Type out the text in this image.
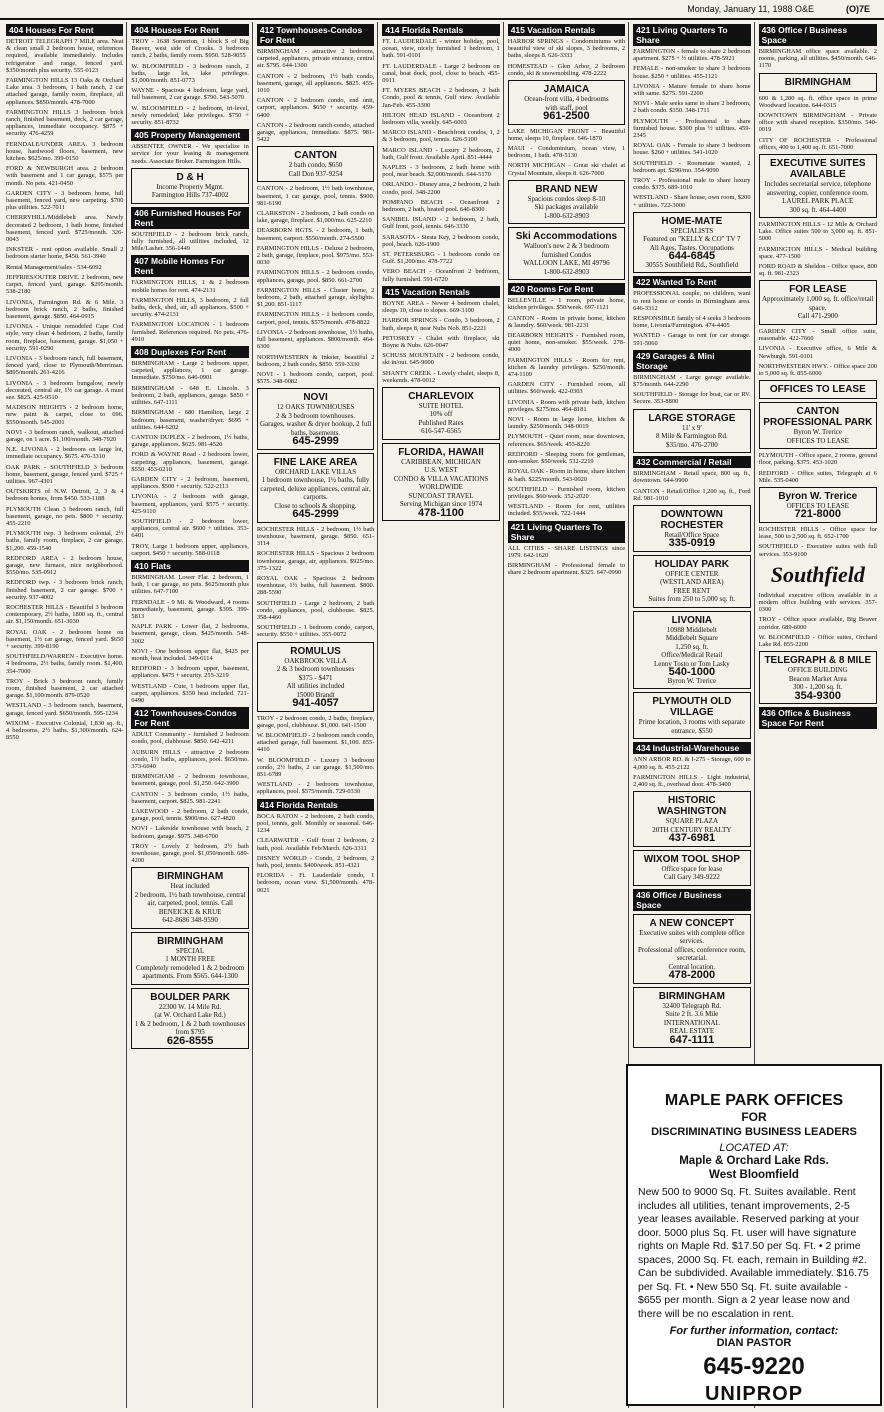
Monday, January 11, 1988 O&E	(O)7E
404 Houses For Rent
DETROIT TELEGRAPH 7 MILE area. Neat & clean small 2 bedroom house, references required, available immediately. Includes refrigerator and range, fenced yard. $350/month plus security. 555-0123
FARMINGTON HILLS 13 Oaks & Orchard Lake area. 3 bedroom, 1 bath ranch, 2 car attached garage, family room, fireplace, all appliances. $850/month. 478-7000
FARMINGTON HILLS 3 bedroom brick ranch, finished basement, deck, 2 car garage, appliances, immediate occupancy. $875 + security. 476-4259
FERNDALE/UNDER AREA. 3 bedroom house, hardwood floors, basement, new kitchen. $625/mo. 399-0150
FORD & NEWBURGH area. 2 bedroom with basement and 1 car garage, $575 per month. No pets. 421-0450
GARDEN CITY - 3 bedroom home, full basement, fenced yard, new carpeting. $700 plus utilities. 522-7011
CHERRYHILL/Middlebelt area. Newly decorated 2 bedroom, 1 bath home, finished basement, fenced yard. $725/month. 326-0043
INKSTER - rent option available. Small 2 bedroom starter home, $450. 561-3940
Rental Management/sales - 534-6092
JEFFRIES/OUTER DRIVE. 2 bedroom, new carpet, fenced yard, garage. $295/month. 538-2180
LIVONIA, Farmington Rd. & 6 Mile. 3 bedroom brick ranch, 2 baths, finished basement, garage. $850. 464-0915
LIVONIA - Unique remodeled Cape Cod style, very clean 4 bedroom, 2 baths, family room, fireplace, basement, garage. $1,050 + security. 591-0290
LIVONIA - 3 bedroom ranch, full basement, fenced yard, close to Plymouth/Merriman. $895/month. 261-4216
LIVONIA - 3 bedroom bungalow, newly decorated, central air, 1½ car garage. A must see. $825. 425-9510
MADISON HEIGHTS - 2 bedroom home, new paint & carpet, close to 696. $550/month. 545-2001
NOVI - 3 bedroom ranch, walkout, attached garage, on 1 acre. $1,100/month. 348-7920
N.E. LIVONIA - 2 bedroom on large lot, immediate occupancy. $675. 476-3310
OAK PARK - SOUTHFIELD 3 bedroom home, basement, garage, fenced yard. $725 + utilities. 967-4301
OUTSKIRTS of N.W. Detroit, 2, 3 & 4 bedroom homes, from $450. 533-1188
PLYMOUTH Clean 3 bedroom ranch, full basement, garage, no pets. $800 + security. 455-2210
PLYMOUTH twp. 3 bedroom colonial, 2½ baths, family room, fireplace, 2 car garage. $1,200. 459-1540
REDFORD AREA - 2 bedroom house, garage, new furnace, nice neighborhood. $550/mo. 535-0912
REDFORD twp. - 3 bedroom brick ranch, finished basement, 2 car garage. $700 + security. 937-4002
ROCHESTER HILLS - Beautiful 3 bedroom contemporary, 2½ baths, 1800 sq. ft., central air. $1,150/month. 651-3030
ROYAL OAK - 2 bedroom home on basement, 1½ car garage, fenced yard. $650 + security. 399-8190
SOUTHFIELD/WARREN - Executive home. 4 bedrooms, 2½ baths, family room. $1,400. 354-7000
TROY - Brick 3 bedroom ranch, family room, finished basement, 2 car attached garage. $1,100/month. 879-0520
WESTLAND - 3 bedroom ranch, basement, garage, fenced yard. $650/month. 595-1234
WIXOM - Executive Colonial, 1,830 sq. ft., 4 bedrooms, 2½ baths. $1,300/month. 624-8550
404 Houses For Rent
TROY - 1638 Somerton, 1 block S of Big Beaver, west side of Crooks. 3 bedroom ranch, 2 baths, family room. $950. 528-9055
W. BLOOMFIELD - 3 bedroom ranch, 2 baths, large lot, lake privileges. $1,000/month. 851-0773
WAYNE - Spacious 4 bedroom, large yard, full basement, 2 car garage. $790. 543-5070
W. BLOOMFIELD - 2 bedroom, tri-level, newly remodeled, lake privileges. $750 + security. 851-8732
405 Property Management
ABSENTEE OWNER - We specialize in service for your leasing & management needs. Associate Broker. Farmington Hills.
D & H
Income Property Mgmt.
Farmington Hills 737-4002
406 Furnished Houses For Rent
SOUTHFIELD - 2 bedroom brick ranch, fully furnished, all utilities included, 12 Mile/Lasher. 356-1449
407 Mobile Homes For Rent
FARMINGTON HILLS, 1 & 2 bedroom mobile homes for rent. 474-2131
FARMINGTON HILLS, 3 bedroom, 2 full baths, deck, shed, air, all appliances. $500 + security. 474-2131
FARMINGTON LOCATION - 1 bedroom furnished. References required. No pets. 476-4910
408 Duplexes For Rent
BIRMINGHAM - Large 2 bedroom upper, carpeted, appliances, 1 car garage. Immediate. $750/mo. 646-0901
BIRMINGHAM - 648 E. Lincoln. 3 bedroom, 2 bath, appliances, garage. $850 + utilities. 647-1111
BIRMINGHAM - 680 Hamilton, large 2 bedroom, basement, washer/dryer. $695 + utilities. 644-6202
CANTON DUPLEX - 2 bedroom, 1½ baths, garage, appliances. $625. 981-4520
FORD & WAYNE Road - 2 bedroom lower, carpeting, appliances, basement, garage. $550. 453-0210
GARDEN CITY - 2 bedroom, basement, appliances. $500 + security. 522-2113
LIVONIA - 2 bedroom with garage, basement, appliances, yard. $575 + security. 425-9110
SOUTHFIELD - 2 bedroom lower, appliances, central air. $600 + utilities. 353-6401
TROY, Large 1 bedroom upper, appliances, carport. $450 + security. 588-0118
410 Flats
BIRMINGHAM. Lower Flat. 2 bedroom, 1 bath, 1 car garage, no pets. $625/month plus utilities. 647-7100
FERNDALE - 9 Mi. & Woodward, 4 rooms immediately, basement, garage. $395. 399-5813
NAPLE PARK - Lower flat, 2 bedrooms, basement, garage, clean. $425/month. 548-3002
NOVI - One bedroom upper flat, $425 per month, heat included. 349-6114
REDFORD - 3 bedroom upper, basement, appliances. $475 + security. 255-3219
WESTLAND - Cute, 1 bedroom upper flat, carpet, appliances. $350 heat included. 721-0490
412 Townhouses-Condos For Rent
ADULT Community - furnished 2 bedroom condo, pool, clubhouse. $850. 642-4211
AUBURN HILLS - attractive 2 bedroom condo, 1½ baths, appliances, pool. $650/mo. 373-6040
BIRMINGHAM - 2 bedroom townhouse, basement, garage, pool. $1,250. 642-3900
CANTON - 3 bedroom condo, 1½ baths, basement, carport. $825. 981-2241
LAKEWOOD - 2 bedroom, 2 bath condo, garage, pool, tennis. $900/mo. 627-4820
NOVI - Lakeside townhouse with beach, 2 bedroom, garage. $975. 348-6700
TROY - Lovely 2 bedroom, 2½ bath townhouse, garage, pool. $1,050/month. 689-4200
BIRMINGHAM
Heat included
2 bedroom, 1½ bath townhouse, central air, carpeted, pool, tennis. Call
BENEICKE & KRUE
642-8686 348-9590
BIRMINGHAM
SPECIAL
1 MONTH FREE
Completely remodeled 1 & 2 bedroom apartments. From $565. 644-1300
BOULDER PARK
22300 W. 14 Mile Rd.
(at W. Orchard Lake Rd.)
1 & 2 bedroom, 1 & 2 bath townhouses from $795
626-8555
412 Townhouses-Condos For Rent
BIRMINGHAM - attractive 2 bedroom, carpeted, appliances, private entrance, central air. $795. 644-1300
CANTON - 2 bedroom, 1½ bath condo, basement, garage, all appliances. $825. 455-1010
CANTON - 2 bedroom condo, end unit, carport, appliances. $650 + security. 459-6400
CANTON - 2 bedroom ranch condo, attached garage, appliances, immediate. $875. 981-5422
CANTON
2 bath condo, $650
Call Don 937-9254
CANTON - 2 bedroom, 1½ bath townhouse, basement, 1 car garage, pool, tennis. $900. 981-6190
CLARKSTON - 2 bedroom, 2 bath condo on lake, garage, fireplace. $1,000/mo. 625-2210
DEARBORN HGTS. - 2 bedroom, 1 bath, basement, carport. $550/month. 274-5500
FARMINGTON HILLS - Deluxe 2 bedroom, 2 bath, garage, fireplace, pool. $975/mo. 553-0030
FARMINGTON HILLS - 2 bedroom condo, appliances, garage, pool. $850. 661-2700
FARMINGTON HILLS - Cluster home, 2 bedroom, 2 bath, attached garage, skylights. $1,200. 851-1117
FARMINGTON HILLS - 1 bedroom condo, carport, pool, tennis. $575/month. 478-8822
LIVONIA - 2 bedroom townhouse, 1½ baths, full basement, appliances. $800/month. 464-6300
NORTHWESTERN & Inkster, beautiful 2 bedroom, 2 bath condo. $850. 559-3330
NOVI - 1 bedroom condo, carport, pool. $575. 348-0082
NOVI
12 OAKS TOWNHOUSES
2 & 3 bedroom townhouses.
Garages, washer & dryer hookup, 2 full baths, basements.
645-2999
FINE LAKE AREA
ORCHARD LAKE VILLAS
1 bedroom townhouse, 1½ baths, fully carpeted, deluxe appliances, central air, carports.
Close to schools & shopping.
645-2999
ROCHESTER HILLS - 2 bedroom, 1½ bath townhouse, basement, garage. $850. 651-3114
ROCHESTER HILLS - Spacious 2 bedroom townhouse, garage, air, appliances. $925/mo. 375-1322
ROYAL OAK - Spacious 2 bedroom townhouse, 1½ baths, full basement. $800. 288-5590
SOUTHFIELD - Large 2 bedroom, 2 bath condo, appliances, pool, clubhouse. $825. 358-4460
SOUTHFIELD - 1 bedroom condo, carport, security. $550 + utilities. 355-0072
ROMULUS
OAKBROOK VILLA
2 & 3 bedroom townhouses
$375 - $471
All utilities included
15000 Brandt
941-4057
TROY - 2 bedroom condo, 2 baths, fireplace, garage, pool, clubhouse. $1,000. 641-1500
W. BLOOMFIELD - 2 bedroom ranch condo, attached garage, full basement. $1,100. 855-4410
W. BLOOMFIELD - Luxury 3 bedroom condo, 2½ baths, 2 car garage. $1,500/mo. 851-6789
WESTLAND - 2 bedroom townhouse, appliances, pool. $575/month. 729-0330
414 Florida Rentals
BOCA RATON - 2 bedroom, 2 bath condo, pool, tennis, golf. Monthly or seasonal. 646-1234
CLEARWATER - Gulf front 2 bedroom, 2 bath, pool. Available Feb/March. 626-3311
DISNEY WORLD - Condo, 2 bedroom, 2 bath, pool, tennis. $400/week. 851-4321
FLORIDA - Ft. Lauderdale condo, 1 bedroom, ocean view. $1,500/month. 478-0021
414 Florida Rentals
FT. LAUDERDALE - winter holiday, pool, ocean, view, nicely furnished 1 bedroom, 1 bath. 591-0101
FT. LAUDERDALE - Large 2 bedroom on canal, boat dock, pool, close to beach. 455-0911
FT. MYERS BEACH - 2 bedroom, 2 bath Condo, pool & tennis, Gulf view. Available Jan-Feb. 455-3300
HILTON HEAD ISLAND - Oceanfront 2 bedroom villa, weekly. 645-6003
MARCO ISLAND - Beachfront condos, 1, 2 & 3 bedroom, pool, tennis. 626-5100
MARCO ISLAND - Luxury 2 bedroom, 2 bath, Gulf front. Available April. 851-4444
NAPLES - 3 bedroom, 2 bath home with pool, near beach. $2,000/month. 644-5170
ORLANDO - Disney area, 2 bedroom, 2 bath condo, pool. 348-2200
POMPANO BEACH - Oceanfront 2 bedroom, 2 bath, heated pool. 646-8300
SANIBEL ISLAND - 2 bedroom, 2 bath, Gulf front, pool, tennis. 646-3330
SARASOTA - Siesta Key, 2 bedroom condo, pool, beach. 626-1900
ST. PETERSBURG - 1 bedroom condo on Gulf. $1,200/mo. 478-7722
VERO BEACH - Oceanfront 2 bedroom, fully furnished. 591-6720
415 Vacation Rentals
BOYNE AREA - Newer 4 bedroom chalet, sleeps 10, close to slopes. 669-3100
HARBOR SPRINGS - Condo, 3 bedroom, 2 bath, sleeps 8, near Nubs Nob. 851-2221
PETOSKEY - Chalet with fireplace, ski Boyne & Nubs. 626-0047
SCHUSS MOUNTAIN - 2 bedroom condo, ski in/out. 645-9000
SHANTY CREEK - Lovely chalet, sleeps 8, weekends. 478-0012
CHARLEVOIX
SUITE HOTEL
10% off
Published Rates
616-547-6565
FLORIDA, HAWAII
CARIBBEAN, MICHIGAN
U.S. WEST
CONDO & VILLA VACATIONS WORLDWIDE
SUNCOAST TRAVEL
Serving Michigan since 1974
478-1100
415 Vacation Rentals
HARBOR SPRINGS - Condominiums with beautiful view of ski slopes, 3 bedrooms, 2 baths, sleeps 8. 626-3333
HOMESTEAD - Glen Arbor, 2 bedroom condo, ski & snowmobiling. 478-2222
JAMAICA
Ocean-front villa, 4 bedrooms
with staff, pool
961-2500
LAKE MICHIGAN FRONT - Beautiful home, sleeps 10, fireplace. 646-1870
MAUI - Condominium, ocean view, 1 bedroom, 1 bath. 478-5130
NORTH MICHIGAN - Great ski chalet at Crystal Mountain, sleeps 8. 626-7000
BRAND NEW
Spacious condos sleep 8-10
Ski packages available
1-800-632-8903
Ski Accommodations
Walloon's new 2 & 3 bedroom furnished Condos
WALLOON LAKE, MI 49796
1-800-632-8903
420 Rooms For Rent
BELLEVILLE - 1 room, private home, kitchen privileges. $50/week. 697-1121
CANTON - Room in private home, kitchen & laundry. $60/week. 981-2231
DEARBORN HEIGHTS - Furnished room, quiet home, non-smoker. $55/week. 278-4000
FARMINGTON HILLS - Room for rent, kitchen & laundry privileges. $250/month. 474-1109
GARDEN CITY - Furnished room, all utilities. $60/week. 422-0303
LIVONIA - Room with private bath, kitchen privileges. $275/mo. 464-8181
NOVI - Room in large home, kitchen & laundry. $250/month. 348-0019
PLYMOUTH - Quiet room, near downtown, references. $65/week. 453-8220
REDFORD - Sleeping room for gentleman, non-smoker. $50/week. 532-2219
ROYAL OAK - Room in home, share kitchen & bath. $225/month. 543-0020
SOUTHFIELD - Furnished room, kitchen privileges. $60/week. 352-2020
WESTLAND - Room for rent, utilities included. $55/week. 722-1444
421 Living Quarters To Share
ALL CITIES - SHARE LISTINGS since 1979. 642-1620
BIRMINGHAM - Professional female to share 2 bedroom apartment. $325. 647-0990
421 Living Quarters To Share
FARMINGTON - female to share 2 bedroom apartment. $275 + ½ utilities. 478-5921
FEMALE - non-smoker to share 3 bedroom house. $250 + utilities. 455-1121
LIVONIA - Mature female to share home with same. $275. 591-2200
NOVI - Male seeks same to share 2 bedroom, 2 bath condo. $350. 348-1711
PLYMOUTH - Professional to share furnished house. $300 plus ½ utilities. 459-2345
ROYAL OAK - Female to share 3 bedroom house. $260 + utilities. 541-1020
SOUTHFIELD - Roommate wanted, 2 bedroom apt. $290/mo. 354-9090
TROY - Professional male to share luxury condo. $375. 689-1010
WESTLAND - Share house, own room, $200 + utilities. 722-3000
HOME-MATE
SPECIALISTS
Featured on "KELLY & CO" TV 7
All Ages, Tastes, Occupations
644-6845
30555 Southfield Rd., Southfield
422 Wanted To Rent
PROFESSIONAL couple, no children, want to rent home or condo in Birmingham area. 646-3312
RESPONSIBLE family of 4 seeks 3 bedroom home, Livonia/Farmington. 474-4405
WANTED - Garage to rent for car storage. 591-5060
429 Garages & Mini Storage
BIRMINGHAM - Large garage available. $75/month. 644-2290
SOUTHFIELD - Storage for boat, car or RV. Secure. 353-8800
LARGE STORAGE
11' x 9'
8 Mile & Farmington Rd.
$35/mo. 476-2700
432 Commercial / Retail
BIRMINGHAM - Retail space, 800 sq. ft., downtown. 644-9900
CANTON - Retail/Office 1,200 sq. ft., Ford Rd. 981-1010
DOWNTOWN ROCHESTER
Retail/Office Space
335-0919
HOLIDAY PARK
OFFICE CENTER
(WESTLAND AREA)
FREE RENT
Suites from 250 to 5,000 sq. ft.
LIVONIA
10988 Middlebelt
Middlebelt Square
1,250 sq. ft.
Office/Medical Retail
Lenny Tosto or Tom Lasky
540-1000
Byron W. Trerice
PLYMOUTH OLD VILLAGE
Prime location, 3 rooms with separate entrance, $550
434 Industrial-Warehouse
ANN ARBOR RD. & I-275 - Storage, 600 to 4,000 sq. ft. 455-2122
FARMINGTON HILLS - Light industrial, 2,400 sq. ft., overhead door. 478-3400
HISTORIC WASHINGTON
SQUARE PLAZA
20TH CENTURY REALTY
437-6981
WIXOM TOOL SHOP
Office space for lease
Call Gary 349-9222
436 Office / Business Space
A NEW CONCEPT
Executive suites with complete office services.
Professional offices, conference room, secretarial.
Central location.
478-2000
BIRMINGHAM
32400 Telegraph Rd.
Suite 2 ft. 3.6 Mile
INTERNATIONAL
REAL ESTATE
647-1111
436 Office / Business Space
BIRMINGHAM office space available. 2 rooms, parking, all utilities. $450/month. 646-1170
BIRMINGHAM
600 & 1,200 sq. ft. office space in prime Woodward location. 644-0315
DOWNTOWN BIRMINGHAM - Private office with shared reception. $350/mo. 540-0019
CITY OF ROCHESTER - Professional offices, 400 to 1,400 sq. ft. 651-7000
EXECUTIVE SUITES AVAILABLE
Includes secretarial service, telephone answering, copier, conference room.
LAUREL PARK PLACE
300 sq. ft. 464-4400
FARMINGTON HILLS - 12 Mile & Orchard Lake. Office suites 500 to 3,000 sq. ft. 851-5000
FARMINGTON HILLS - Medical building space. 477-1500
FORD ROAD & Sheldon - Office space, 800 sq. ft. 981-2323
FOR LEASE
Approximately 1,000 sq. ft. office/retail space.
Call 471-2900
GARDEN CITY - Small office suite, reasonable. 422-7660
LIVONIA - Executive office, 6 Mile & Newburgh. 591-0101
NORTHWESTERN HWY. - Office space 200 to 5,000 sq. ft. 855-6000
OFFICES TO LEASE
CANTON PROFESSIONAL PARK
Byron W. Trerice
OFFICES TO LEASE
PLYMOUTH - Office space, 2 rooms, ground floor, parking. $375. 453-1020
REDFORD - Office suites, Telegraph at 6 Mile. 535-0400
Byron W. Trerice
OFFICES TO LEASE
721-8000
ROCHESTER HILLS - Office space for lease, 500 to 2,500 sq. ft. 652-1700
SOUTHFIELD - Executive suites with full services. 353-9100
Southfield
Individual executive offices available in a modern office building with services. 357-0300
TROY - Office space available, Big Beaver corridor. 689-6000
W. BLOOMFIELD - Office suites, Orchard Lake Rd. 855-2200
TELEGRAPH & 8 MILE
OFFICE BUILDING
Beacon Market Area
300 - 1,200 sq. ft.
354-9300
436 Office & Business Space For Rent
MAPLE PARK OFFICES
FOR
DISCRIMINATING BUSINESS LEADERS
LOCATED AT:
Maple & Orchard Lake Rds.
West Bloomfield
New 500 to 9000 Sq. Ft. Suites available. Rent includes all utilities, tenant improvements, 2-5 year leases available. Reserved parking at your door. 5000 plus Sq. Ft. user will have signature rights on Maple Rd. $17.50 per Sq. Ft. • 2 prime spaces, 2000 Sq. Ft. each, remain in Building #2. Can be subdivided. Available immediately. $16.75 per Sq. Ft. • New 550 Sq. Ft. suite available - $655 per month. Sign a 2 year lease now and there will be no escalation in rent.
For further information, contact:
DIAN PASTOR
645-9220
UNIPROP
